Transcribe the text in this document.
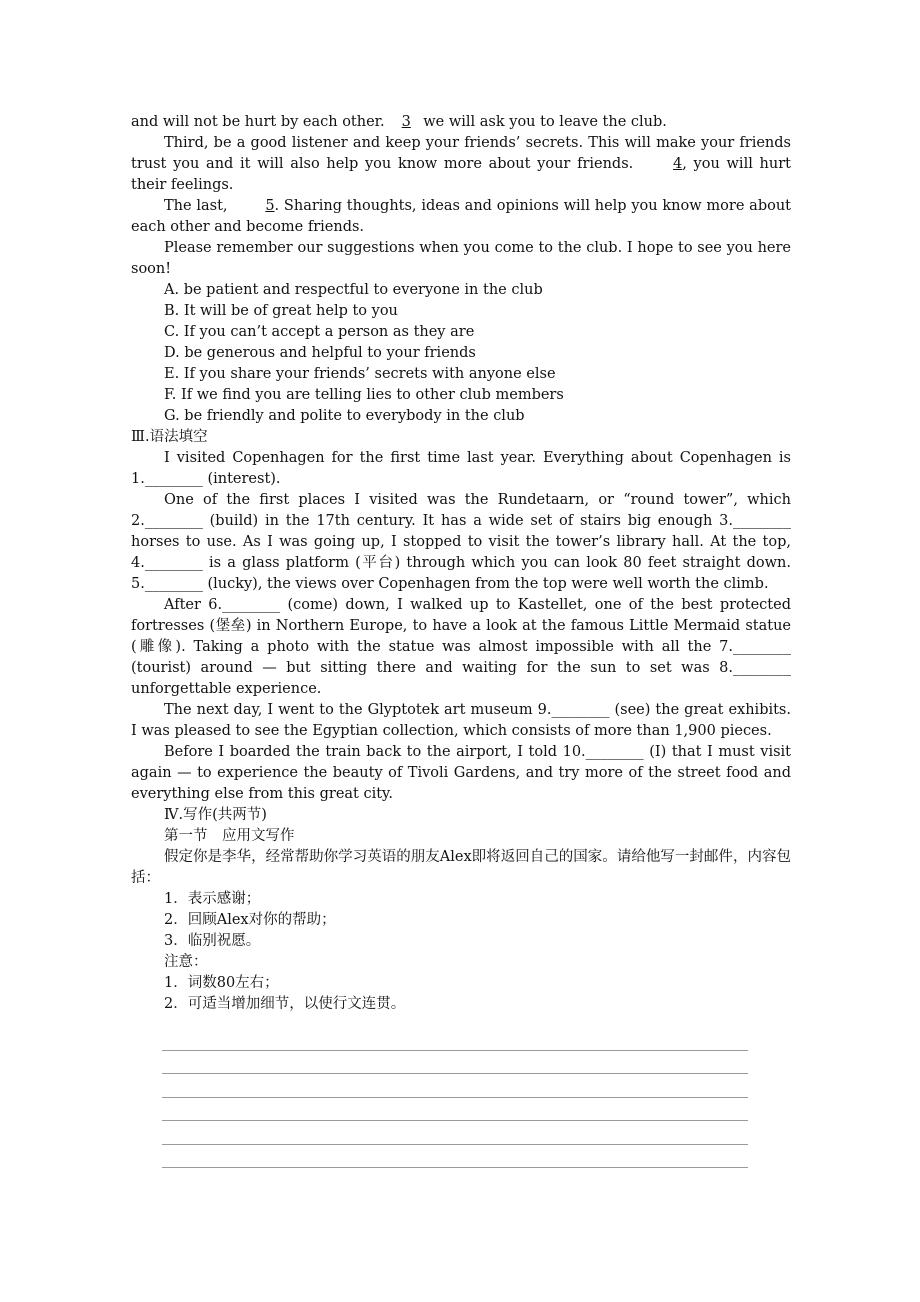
and will not be hurt by each other. 3 we will ask you to leave the club.

Third, be a good listener and keep your friends’ secrets. This will make your friends trust you and it will also help you know more about your friends. 4, you will hurt their feelings.

The last, 5. Sharing thoughts, ideas and opinions will help you know more about each other and become friends.

Please remember our suggestions when you come to the club. I hope to see you here soon!

A. be patient and respectful to everyone in the club

B. It will be of great help to you

C. If you can’t accept a person as they are

D. be generous and helpful to your friends

E. If you share your friends’ secrets with anyone else

F. If we find you are telling lies to other club members

G. be friendly and polite to everybody in the club

Ⅲ.语法填空

I visited Copenhagen for the first time last year. Everything about Copenhagen is 1.________ (interest).

One of the first places I visited was the Rundetaarn, or “round tower”, which 2.________ (build) in the 17th century. It has a wide set of stairs big enough 3.________ horses to use. As I was going up, I stopped to visit the tower’s library hall. At the top, 4.________ is a glass platform (平台) through which you can look 80 feet straight down. 5.________ (lucky), the views over Copenhagen from the top were well worth the climb.

After 6.________ (come) down, I walked up to Kastellet, one of the best protected fortresses (堡垒) in Northern Europe, to have a look at the famous Little Mermaid statue (雕像). Taking a photo with the statue was almost impossible with all the 7.________ (tourist) around — but sitting there and waiting for the sun to set was 8.________ unforgettable experience.

The next day, I went to the Glyptotek art museum 9.________ (see) the great exhibits. I was pleased to see the Egyptian collection, which consists of more than 1,900 pieces.

Before I boarded the train back to the airport, I told 10.________ (I) that I must visit again — to experience the beauty of Tivoli Gardens, and try more of the street food and everything else from this great city.

Ⅳ.写作(共两节)

第一节　应用文写作

假定你是李华，经常帮助你学习英语的朋友Alex即将返回自己的国家。请给他写一封邮件，内容包括：

1．表示感谢；

2．回顾Alex对你的帮助；

3．临别祝愿。

注意：

1．词数80左右；

2．可适当增加细节，以使行文连贯。
